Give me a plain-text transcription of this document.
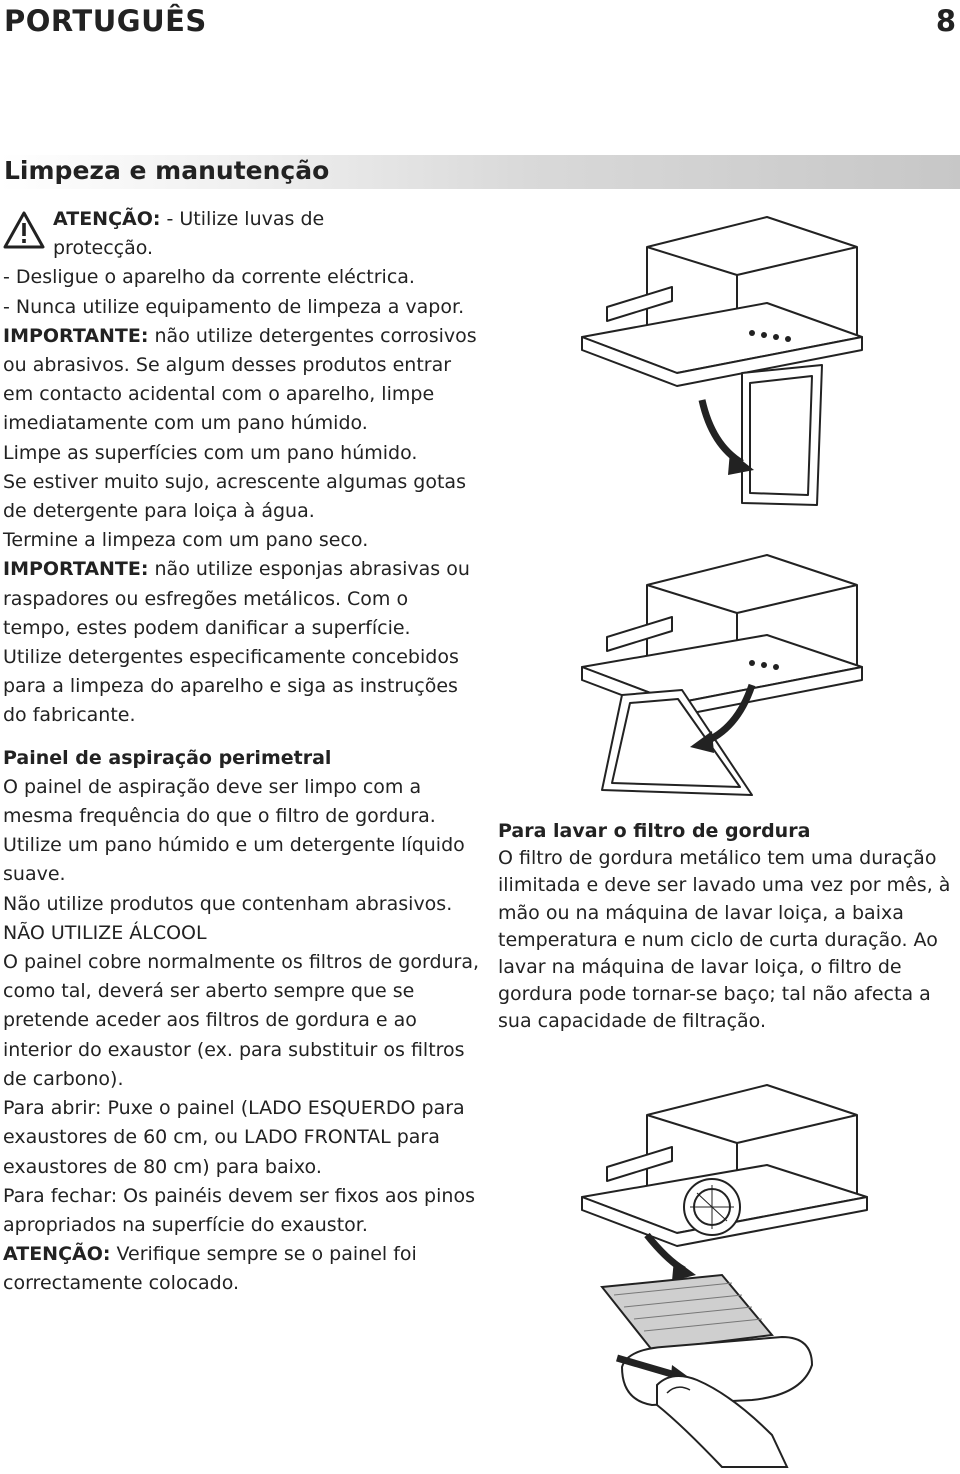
PORTUGUÊS	8
Limpeza e manutenção
ATENÇÃO: - Utilize luvas de
protecção.

- Desligue o aparelho da corrente eléctrica.

- Nunca utilize equipamento de limpeza a vapor.

IMPORTANTE: não utilize detergentes corrosivos ou abrasivos. Se algum desses produtos entrar em contacto acidental com o aparelho, limpe imediatamente com um pano húmido.

Limpe as superfícies com um pano húmido.

Se estiver muito sujo, acrescente algumas gotas de detergente para loiça à água.

Termine a limpeza com um pano seco.

IMPORTANTE: não utilize esponjas abrasivas ou raspadores ou esfregões metálicos. Com o tempo, estes podem danificar a superfície.

Utilize detergentes especificamente concebidos para a limpeza do aparelho e siga as instruções do fabricante.

Painel de aspiração perimetral

O painel de aspiração deve ser limpo com a mesma frequência do que o filtro de gordura. Utilize um pano húmido e um detergente líquido suave.

Não utilize produtos que contenham abrasivos.

NÃO UTILIZE ÁLCOOL

O painel cobre normalmente os filtros de gordura, como tal, deverá ser aberto sempre que se pretende aceder aos filtros de gordura e ao interior do exaustor (ex. para substituir os filtros de carbono).

Para abrir: Puxe o painel (LADO ESQUERDO para exaustores de 60 cm, ou LADO FRONTAL para exaustores de 80 cm) para baixo.

Para fechar: Os painéis devem ser fixos aos pinos apropriados na superfície do exaustor.

ATENÇÃO: Verifique sempre se o painel foi correctamente colocado.

Para lavar o filtro de gordura

O filtro de gordura metálico tem uma duração ilimitada e deve ser lavado uma vez por mês, à mão ou na máquina de lavar loiça, a baixa temperatura e num ciclo de curta duração. Ao lavar na máquina de lavar loiça, o filtro de gordura pode tornar-se baço; tal não afecta a sua capacidade de filtração.
